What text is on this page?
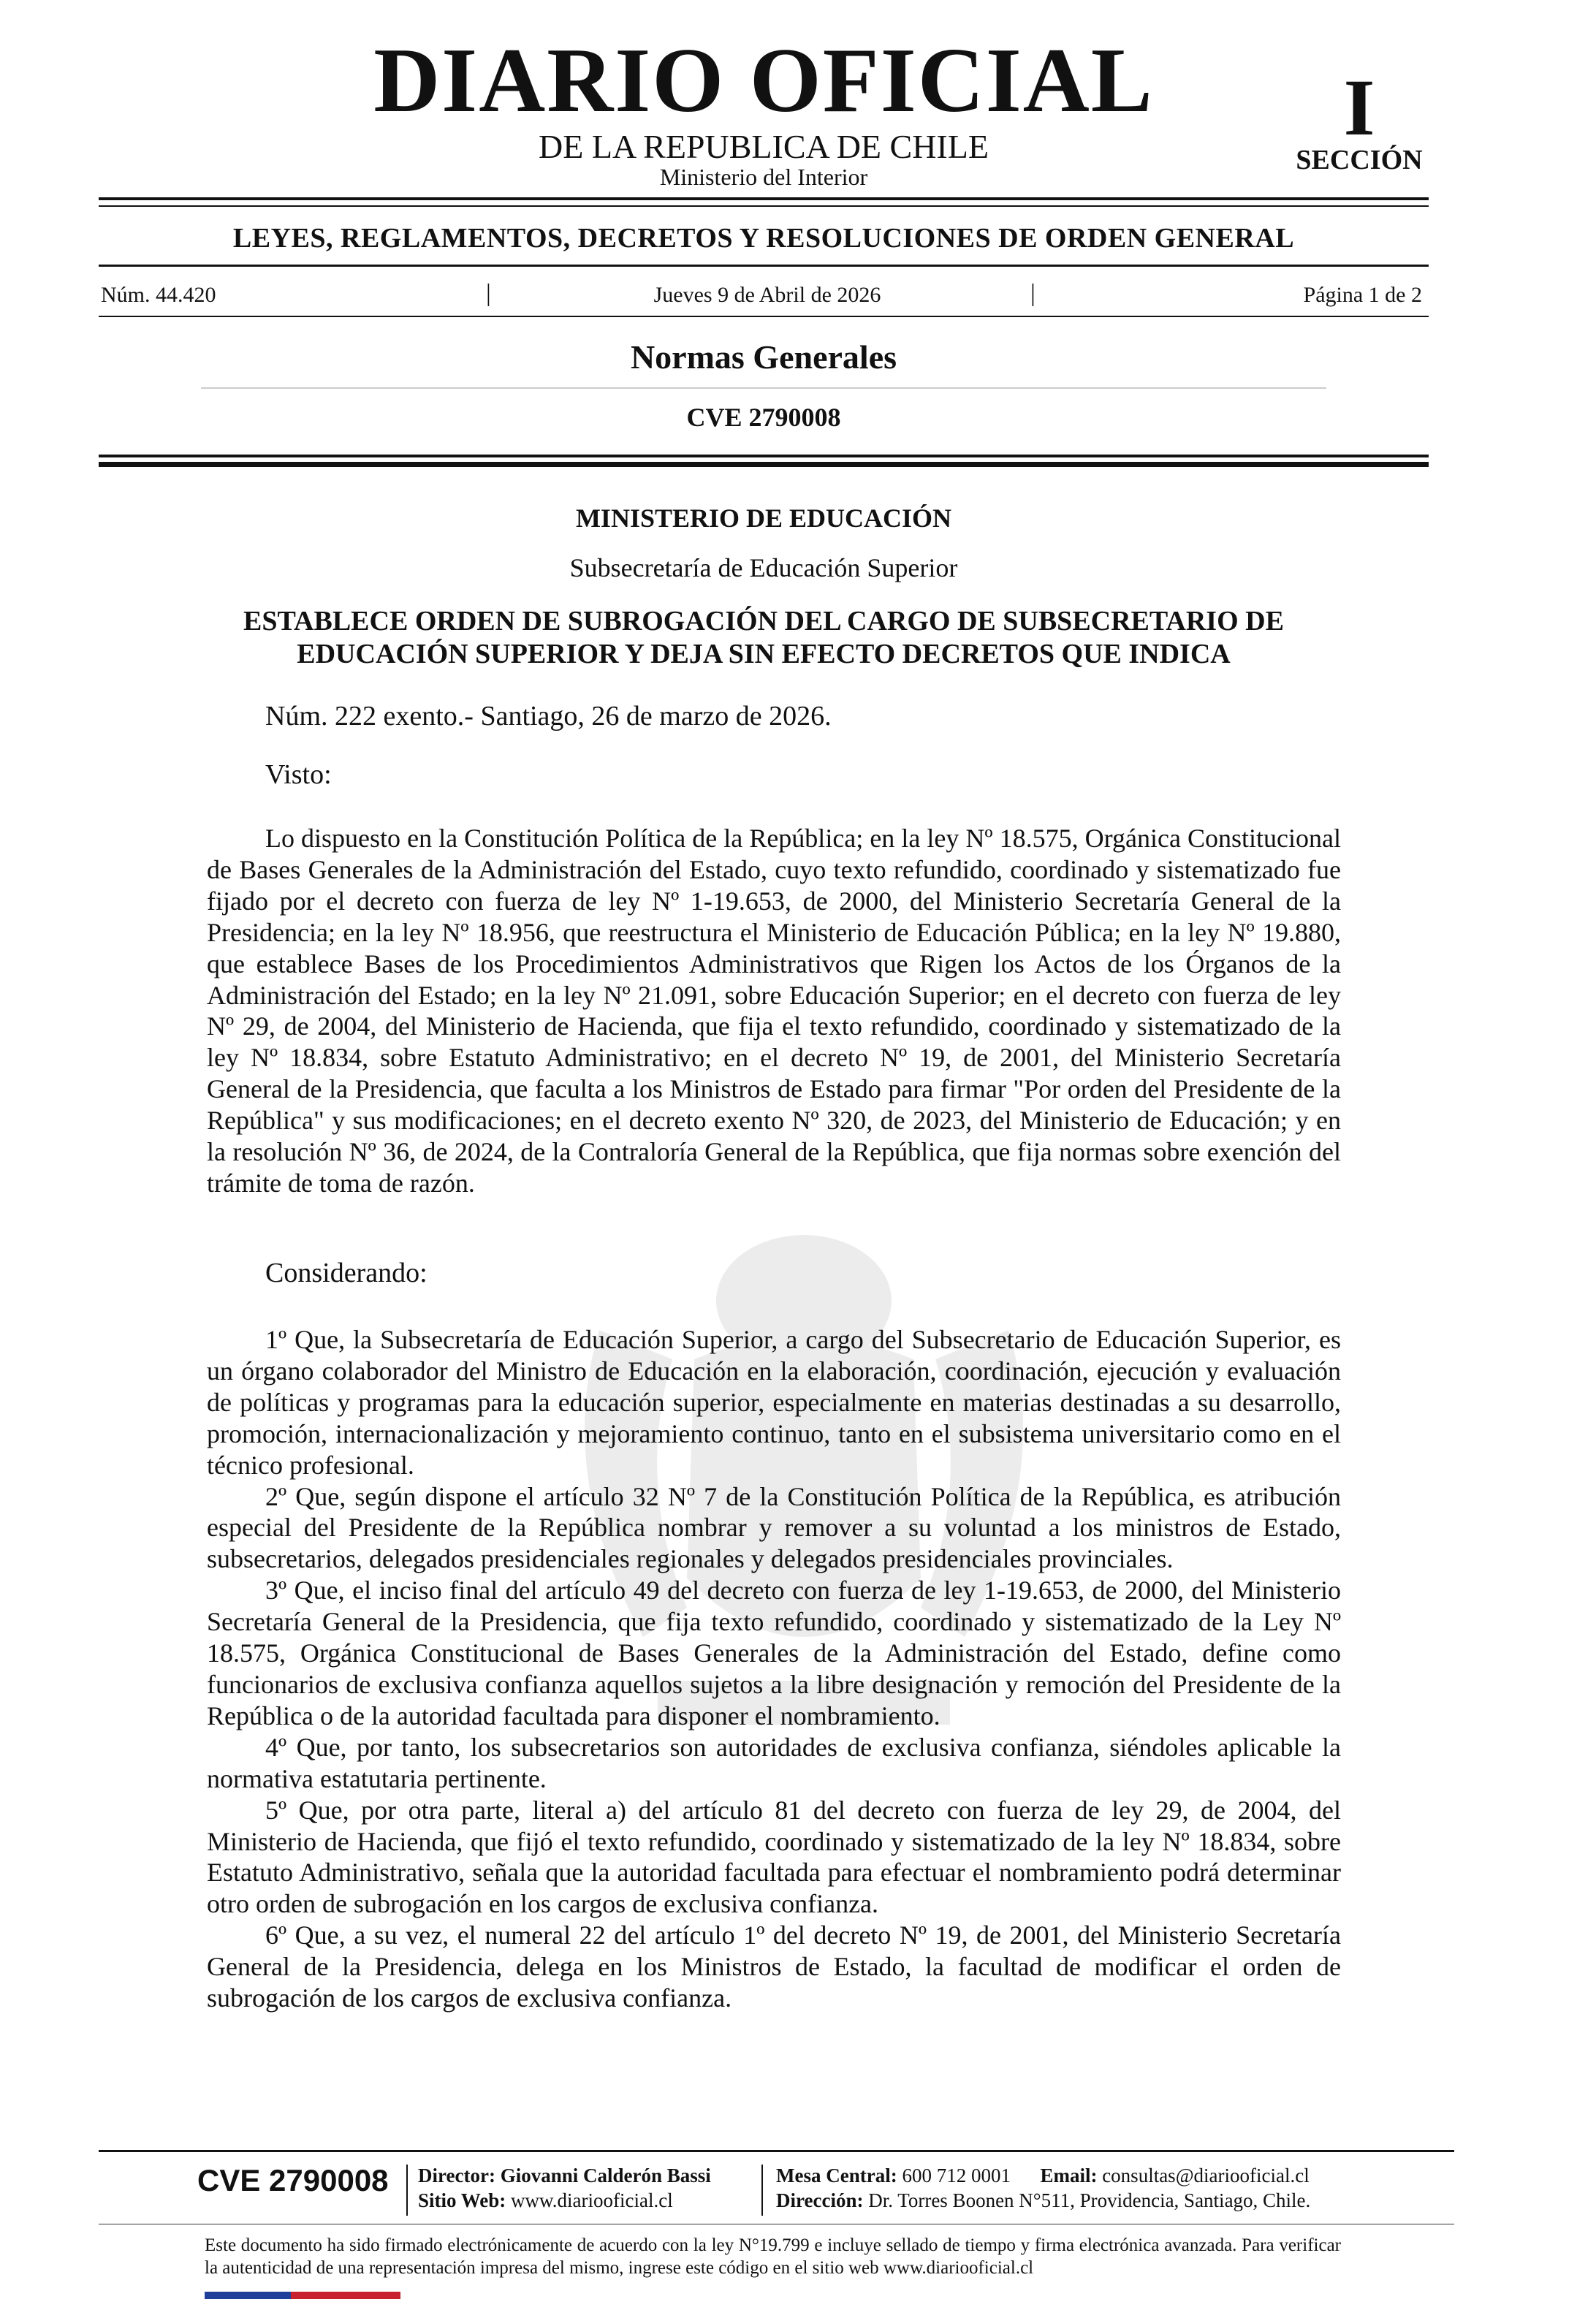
DIARIO OFICIAL
DE LA REPUBLICA DE CHILE
Ministerio del Interior
I
SECCIÓN
LEYES, REGLAMENTOS, DECRETOS Y RESOLUCIONES DE ORDEN GENERAL
Núm. 44.420	|	Jueves 9 de Abril de 2026	|	Página 1 de 2
Normas Generales
CVE 2790008
MINISTERIO DE EDUCACIÓN
Subsecretaría de Educación Superior
ESTABLECE ORDEN DE SUBROGACIÓN DEL CARGO DE SUBSECRETARIO DE EDUCACIÓN SUPERIOR Y DEJA SIN EFECTO DECRETOS QUE INDICA
Núm. 222 exento.- Santiago, 26 de marzo de 2026.
Visto:
Lo dispuesto en la Constitución Política de la República; en la ley Nº 18.575, Orgánica Constitucional de Bases Generales de la Administración del Estado, cuyo texto refundido, coordinado y sistematizado fue fijado por el decreto con fuerza de ley Nº 1-19.653, de 2000, del Ministerio Secretaría General de la Presidencia; en la ley Nº 18.956, que reestructura el Ministerio de Educación Pública; en la ley Nº 19.880, que establece Bases de los Procedimientos Administrativos que Rigen los Actos de los Órganos de la Administración del Estado; en la ley Nº 21.091, sobre Educación Superior; en el decreto con fuerza de ley Nº 29, de 2004, del Ministerio de Hacienda, que fija el texto refundido, coordinado y sistematizado de la ley Nº 18.834, sobre Estatuto Administrativo; en el decreto Nº 19, de 2001, del Ministerio Secretaría General de la Presidencia, que faculta a los Ministros de Estado para firmar "Por orden del Presidente de la República" y sus modificaciones; en el decreto exento Nº 320, de 2023, del Ministerio de Educación; y en la resolución Nº 36, de 2024, de la Contraloría General de la República, que fija normas sobre exención del trámite de toma de razón.
Considerando:

1º Que, la Subsecretaría de Educación Superior, a cargo del Subsecretario de Educación Superior, es un órgano colaborador del Ministro de Educación en la elaboración, coordinación, ejecución y evaluación de políticas y programas para la educación superior, especialmente en materias destinadas a su desarrollo, promoción, internacionalización y mejoramiento continuo, tanto en el subsistema universitario como en el técnico profesional.

2º Que, según dispone el artículo 32 Nº 7 de la Constitución Política de la República, es atribución especial del Presidente de la República nombrar y remover a su voluntad a los ministros de Estado, subsecretarios, delegados presidenciales regionales y delegados presidenciales provinciales.

3º Que, el inciso final del artículo 49 del decreto con fuerza de ley 1-19.653, de 2000, del Ministerio Secretaría General de la Presidencia, que fija texto refundido, coordinado y sistematizado de la Ley Nº 18.575, Orgánica Constitucional de Bases Generales de la Administración del Estado, define como funcionarios de exclusiva confianza aquellos sujetos a la libre designación y remoción del Presidente de la República o de la autoridad facultada para disponer el nombramiento.

4º Que, por tanto, los subsecretarios son autoridades de exclusiva confianza, siéndoles aplicable la normativa estatutaria pertinente.

5º Que, por otra parte, literal a) del artículo 81 del decreto con fuerza de ley 29, de 2004, del Ministerio de Hacienda, que fijó el texto refundido, coordinado y sistematizado de la ley Nº 18.834, sobre Estatuto Administrativo, señala que la autoridad facultada para efectuar el nombramiento podrá determinar otro orden de subrogación en los cargos de exclusiva confianza.

6º Que, a su vez, el numeral 22 del artículo 1º del decreto Nº 19, de 2001, del Ministerio Secretaría General de la Presidencia, delega en los Ministros de Estado, la facultad de modificar el orden de subrogación de los cargos de exclusiva confianza.

CVE 2790008 Director: Giovanni Calderón Bassi
Sitio Web: www.diariooficial.cl
Mesa Central: 600 712 0001 Email: consultas@diariooficial.cl
Dirección: Dr. Torres Boonen N°511, Providencia, Santiago, Chile.
Este documento ha sido firmado electrónicamente de acuerdo con la ley N°19.799 e incluye sellado de tiempo y firma electrónica avanzada. Para verificar la autenticidad de una representación impresa del mismo, ingrese este código en el sitio web www.diariooficial.cl
